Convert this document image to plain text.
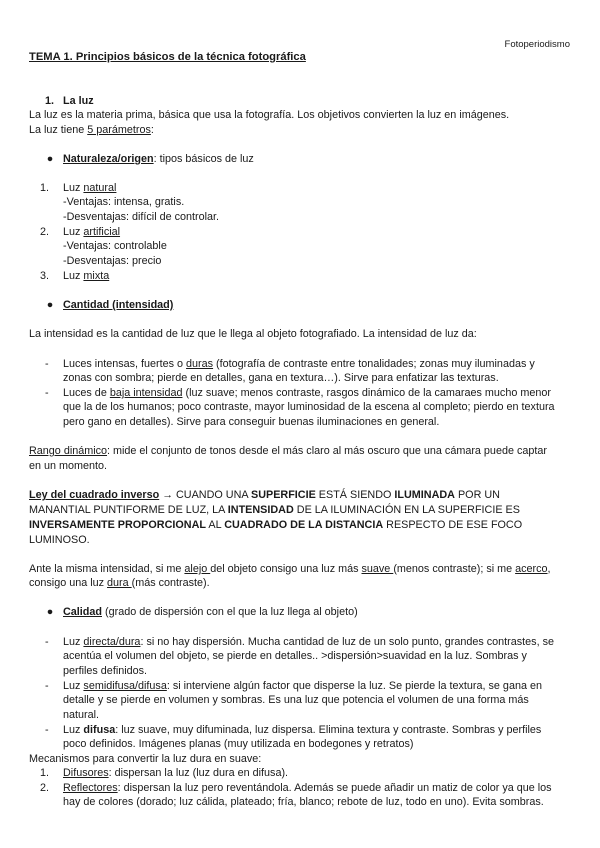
Fotoperiodismo
TEMA 1. Principios básicos de la técnica fotográfica
1. La luz
La luz es la materia prima, básica que usa la fotografía. Los objetivos convierten la luz en imágenes.
La luz tiene 5 parámetros:
● Naturaleza/origen: tipos básicos de luz
1. Luz natural
-Ventajas: intensa, gratis.
-Desventajas: difícil de controlar.
2. Luz artificial
-Ventajas: controlable
-Desventajas: precio
3. Luz mixta
● Cantidad (intensidad)
La intensidad es la cantidad de luz que le llega al objeto fotografiado. La intensidad de luz da:
- Luces intensas, fuertes o duras (fotografía de contraste entre tonalidades; zonas muy iluminadas y
zonas con sombra; pierde en detalles, gana en textura…). Sirve para enfatizar las texturas.
- Luces de baja intensidad (luz suave; menos contraste, rasgos dinámico de la camaraes mucho menor
que la de los humanos; poco contraste, mayor luminosidad de la escena al completo; pierdo en textura
pero gano en detalles). Sirve para conseguir buenas iluminaciones en general.
Rango dinámico: mide el conjunto de tonos desde el más claro al más oscuro que una cámara puede captar
en un momento.
Ley del cuadrado inverso → CUANDO UNA SUPERFICIE ESTÁ SIENDO ILUMINADA POR UN
MANANTIAL PUNTIFORME DE LUZ, LA INTENSIDAD DE LA ILUMINACIÓN EN LA SUPERFICIE ES
INVERSAMENTE PROPORCIONAL AL CUADRADO DE LA DISTANCIA RESPECTO DE ESE FOCO
LUMINOSO.
Ante la misma intensidad, si me alejo del objeto consigo una luz más suave (menos contraste); si me acerco,
consigo una luz dura (más contraste).
● Calidad (grado de dispersión con el que la luz llega al objeto)
- Luz directa/dura: si no hay dispersión. Mucha cantidad de luz de un solo punto, grandes contrastes, se
acentúa el volumen del objeto, se pierde en detalles.. >dispersión>suavidad en la luz. Sombras y
perfiles definidos.
- Luz semidifusa/difusa: si interviene algún factor que disperse la luz. Se pierde la textura, se gana en
detalle y se pierde en volumen y sombras. Es una luz que potencia el volumen de una forma más
natural.
- Luz difusa: luz suave, muy difuminada, luz dispersa. Elimina textura y contraste. Sombras y perfiles
poco definidos. Imágenes planas (muy utilizada en bodegones y retratos)
Mecanismos para convertir la luz dura en suave:
1. Difusores: dispersan la luz (luz dura en difusa).
2. Reflectores: dispersan la luz pero reventándola. Además se puede añadir un matiz de color ya que los
hay de colores (dorado; luz cálida, plateado; fría, blanco; rebote de luz, todo en uno). Evita sombras.
